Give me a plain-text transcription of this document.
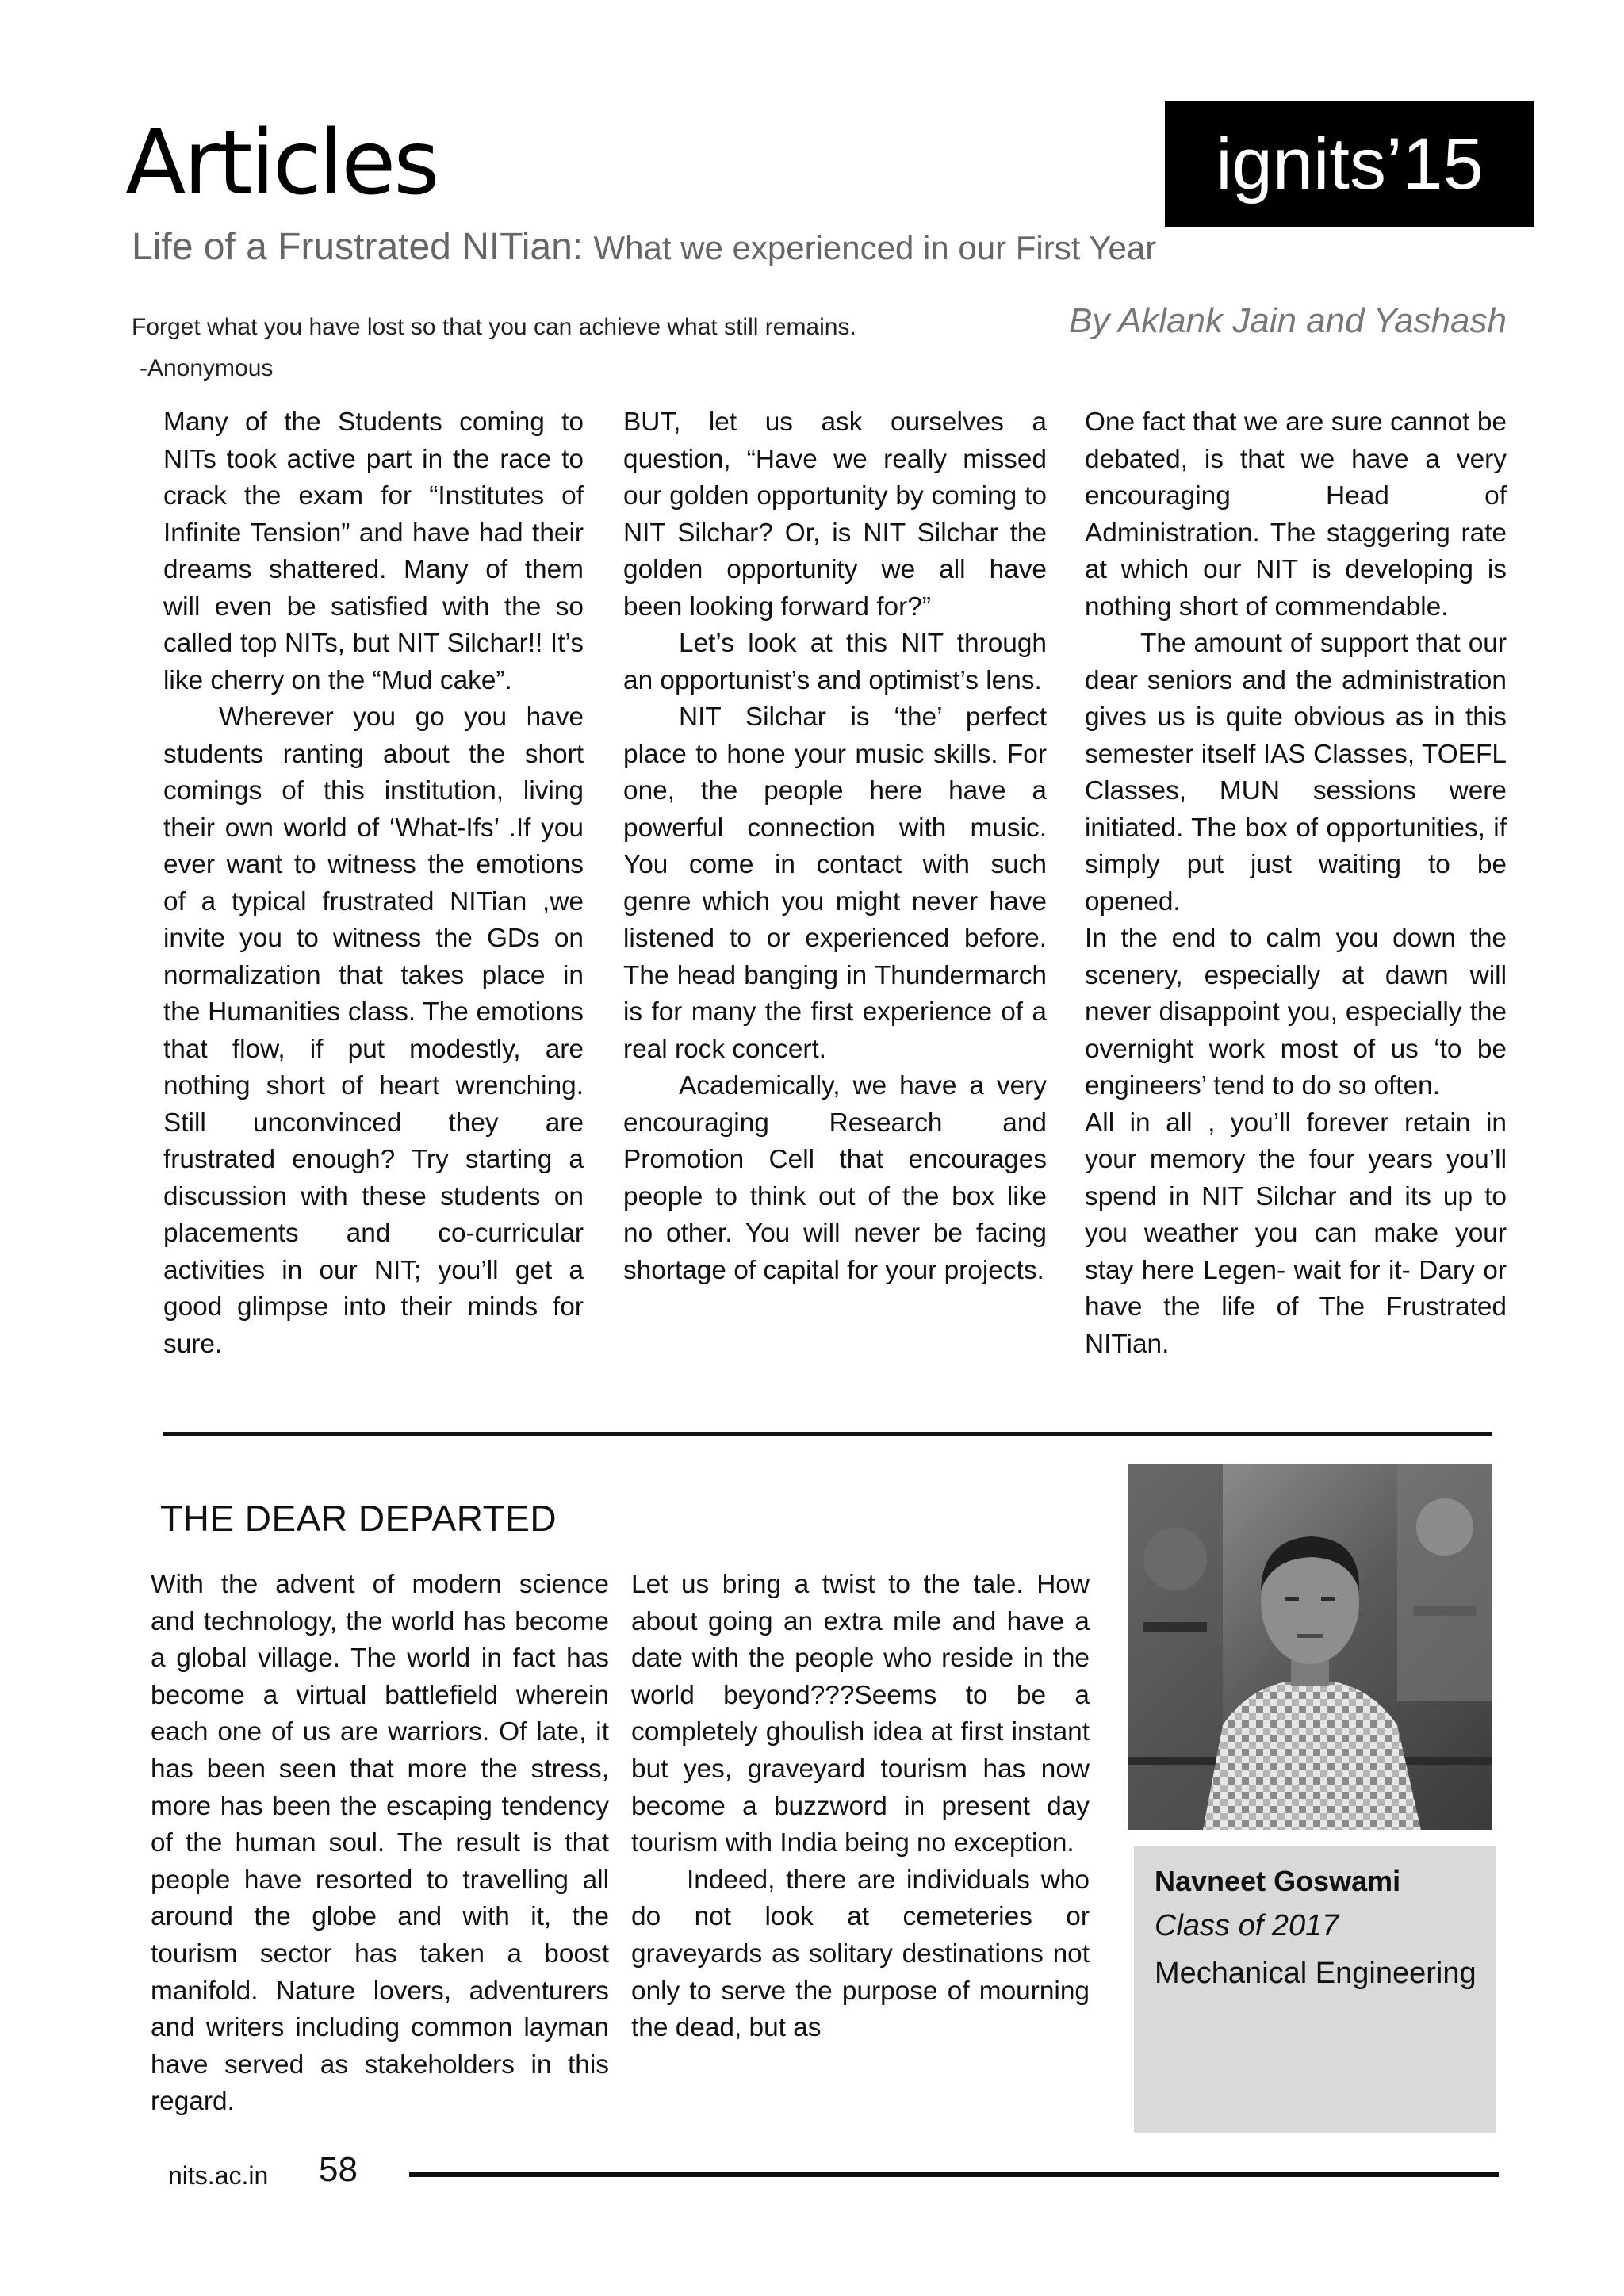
Articles	ignits’15
Life of a Frustrated NITian: What we experienced in our First Year
Forget what you have lost so that you can achieve what still remains.
-Anonymous
By Aklank Jain and Yashash

Many of the Students coming to NITs took active part in the race to crack the exam for “Institutes of Infinite Tension” and have had their dreams shattered. Many of them will even be satisfied with the so called top NITs, but NIT Silchar!! It’s like cherry on the “Mud cake”.

Wherever you go you have students ranting about the short comings of this institution, living their own world of ‘What-Ifs’ .If you ever want to witness the emotions of a typical frustrated NITian ,we invite you to witness the GDs on normalization that takes place in the Humanities class. The emotions that flow, if put modestly, are nothing short of heart wrenching. Still unconvinced they are frustrated enough? Try starting a discussion with these students on placements and co-curricular activities in our NIT; you’ll get a good glimpse into their minds for sure.

BUT, let us ask ourselves a question, “Have we really missed our golden opportunity by coming to NIT Silchar? Or, is NIT Silchar the golden opportunity we all have been looking forward for?”

Let’s look at this NIT through an opportunist’s and optimist’s lens.

NIT Silchar is ‘the’ perfect place to hone your music skills. For one, the people here have a powerful connection with music. You come in contact with such genre which you might never have listened to or experienced before. The head banging in Thundermarch is for many the first experience of a real rock concert.

Academically, we have a very encouraging Research and Promotion Cell that encourages people to think out of the box like no other. You will never be facing shortage of capital for your projects.

One fact that we are sure cannot be debated, is that we have a very encouraging Head of Administration. The staggering rate at which our NIT is developing is nothing short of commendable.

The amount of support that our dear seniors and the administration gives us is quite obvious as in this semester itself IAS Classes, TOEFL Classes, MUN sessions were initiated. The box of opportunities, if simply put just waiting to be opened.

In the end to calm you down the scenery, especially at dawn will never disappoint you, especially the overnight work most of us ‘to be engineers’ tend to do so often.

All in all , you’ll forever retain in your memory the four years you’ll spend in NIT Silchar and its up to you weather you can make your stay here Legen- wait for it- Dary or have the life of The Frustrated NITian.

THE DEAR DEPARTED

With the advent of modern science and technology, the world has become a global village. The world in fact has become a virtual battlefield wherein each one of us are warriors. Of late, it has been seen that more the stress, more has been the escaping tendency of the human soul. The result is that people have resorted to travelling all around the globe and with it, the tourism sector has taken a boost manifold. Nature lovers, adventurers and writers including common layman have served as stakeholders in this regard.

Let us bring a twist to the tale. How about going an extra mile and have a date with the people who reside in the world beyond???Seems to be a completely ghoulish idea at first instant but yes, graveyard tourism has now become a buzzword in present day tourism with India being no exception.

Indeed, there are individuals who do not look at cemeteries or graveyards as solitary destinations not only to serve the purpose of mourning the dead, but as

Navneet Goswami
Class of 2017
Mechanical Engineering
nits.ac.in 58
